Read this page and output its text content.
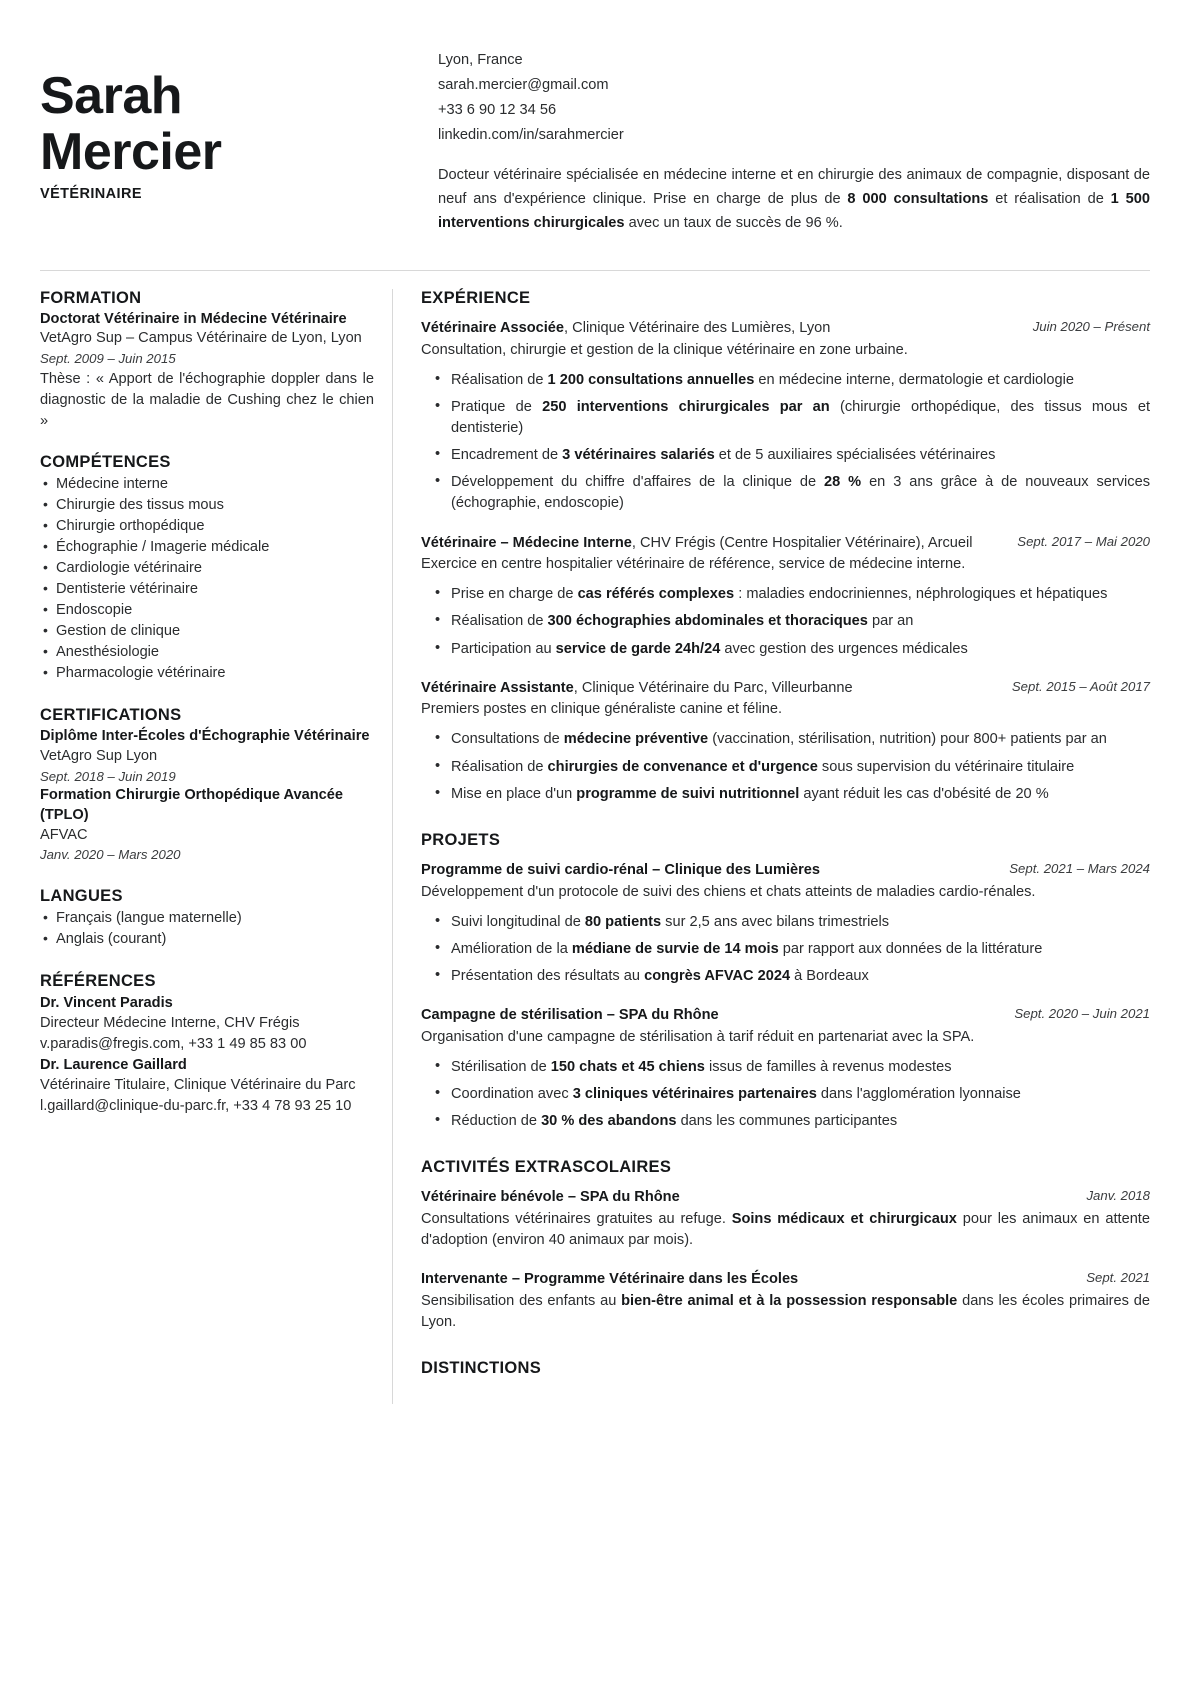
Sarah
Mercier
VÉTÉRINAIRE
Lyon, France
sarah.mercier@gmail.com
+33 6 90 12 34 56
linkedin.com/in/sarahmercier

Docteur vétérinaire spécialisée en médecine interne et en chirurgie des animaux de compagnie, disposant de neuf ans d'expérience clinique. Prise en charge de plus de 8 000 consultations et réalisation de 1 500 interventions chirurgicales avec un taux de succès de 96 %.

FORMATION
Doctorat Vétérinaire in Médecine Vétérinaire
VetAgro Sup – Campus Vétérinaire de Lyon, Lyon
Sept. 2009 – Juin 2015
Thèse : « Apport de l'échographie doppler dans le diagnostic de la maladie de Cushing chez le chien »
COMPÉTENCES
• Médecine interne
• Chirurgie des tissus mous
• Chirurgie orthopédique
• Échographie / Imagerie médicale
• Cardiologie vétérinaire
• Dentisterie vétérinaire
• Endoscopie
• Gestion de clinique
• Anesthésiologie
• Pharmacologie vétérinaire
CERTIFICATIONS
Diplôme Inter-Écoles d'Échographie Vétérinaire
VetAgro Sup Lyon
Sept. 2018 – Juin 2019
Formation Chirurgie Orthopédique Avancée (TPLO)
AFVAC
Janv. 2020 – Mars 2020
LANGUES
• Français (langue maternelle)
• Anglais (courant)
RÉFÉRENCES
Dr. Vincent Paradis
Directeur Médecine Interne, CHV Frégis
v.paradis@fregis.com, +33 1 49 85 83 00
Dr. Laurence Gaillard
Vétérinaire Titulaire, Clinique Vétérinaire du Parc
l.gaillard@clinique-du-parc.fr, +33 4 78 93 25 10
EXPÉRIENCE
Vétérinaire Associée, Clinique Vétérinaire des Lumières, Lyon	Juin 2020 – Présent
Consultation, chirurgie et gestion de la clinique vétérinaire en zone urbaine.
• Réalisation de 1 200 consultations annuelles en médecine interne, dermatologie et cardiologie
• Pratique de 250 interventions chirurgicales par an (chirurgie orthopédique, des tissus mous et dentisterie)
• Encadrement de 3 vétérinaires salariés et de 5 auxiliaires spécialisées vétérinaires
• Développement du chiffre d'affaires de la clinique de 28 % en 3 ans grâce à de nouveaux services (échographie, endoscopie)
Vétérinaire – Médecine Interne, CHV Frégis (Centre Hospitalier Vétérinaire), Arcueil	Sept. 2017 – Mai 2020
Exercice en centre hospitalier vétérinaire de référence, service de médecine interne.
• Prise en charge de cas référés complexes : maladies endocriniennes, néphrologiques et hépatiques
• Réalisation de 300 échographies abdominales et thoraciques par an
• Participation au service de garde 24h/24 avec gestion des urgences médicales
Vétérinaire Assistante, Clinique Vétérinaire du Parc, Villeurbanne	Sept. 2015 – Août 2017
Premiers postes en clinique généraliste canine et féline.
• Consultations de médecine préventive (vaccination, stérilisation, nutrition) pour 800+ patients par an
• Réalisation de chirurgies de convenance et d'urgence sous supervision du vétérinaire titulaire
• Mise en place d'un programme de suivi nutritionnel ayant réduit les cas d'obésité de 20 %
PROJETS
Programme de suivi cardio-rénal – Clinique des Lumières	Sept. 2021 – Mars 2024
Développement d'un protocole de suivi des chiens et chats atteints de maladies cardio-rénales.
• Suivi longitudinal de 80 patients sur 2,5 ans avec bilans trimestriels
• Amélioration de la médiane de survie de 14 mois par rapport aux données de la littérature
• Présentation des résultats au congrès AFVAC 2024 à Bordeaux
Campagne de stérilisation – SPA du Rhône	Sept. 2020 – Juin 2021
Organisation d'une campagne de stérilisation à tarif réduit en partenariat avec la SPA.
• Stérilisation de 150 chats et 45 chiens issus de familles à revenus modestes
• Coordination avec 3 cliniques vétérinaires partenaires dans l'agglomération lyonnaise
• Réduction de 30 % des abandons dans les communes participantes
ACTIVITÉS EXTRASCOLAIRES
Vétérinaire bénévole – SPA du Rhône	Janv. 2018
Consultations vétérinaires gratuites au refuge. Soins médicaux et chirurgicaux pour les animaux en attente d'adoption (environ 40 animaux par mois).
Intervenante – Programme Vétérinaire dans les Écoles	Sept. 2021
Sensibilisation des enfants au bien-être animal et à la possession responsable dans les écoles primaires de Lyon.
DISTINCTIONS
